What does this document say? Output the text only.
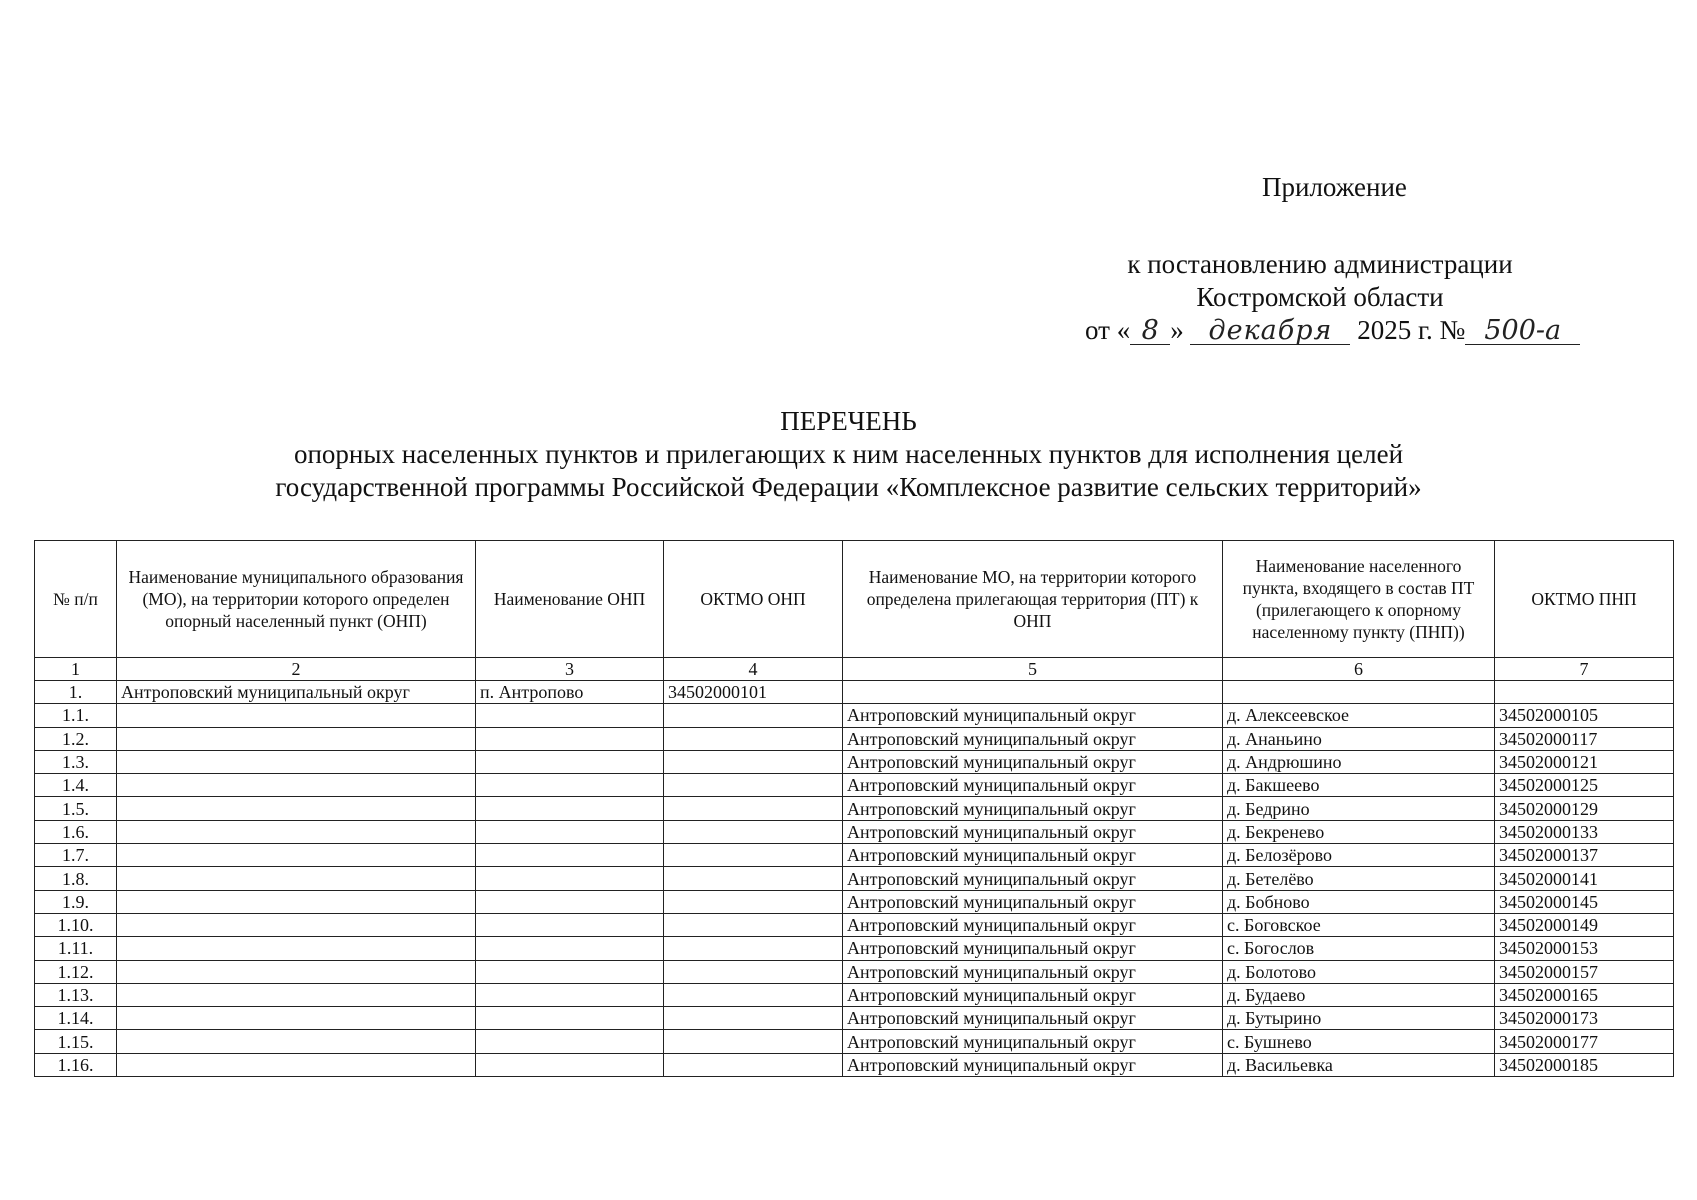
Приложение
к постановлению администрации
Костромской области
от « 8 » декабря 2025 г. № 500-а
ПЕРЕЧЕНЬ
опорных населенных пунктов и прилегающих к ним населенных пунктов для исполнения целей
государственной программы Российской Федерации «Комплексное развитие сельских территорий»
№ п/п	Наименование муниципального образования (МО), на территории которого определен опорный населенный пункт (ОНП)	Наименование ОНП	ОКТМО ОНП	Наименование МО, на территории которого определена прилегающая территория (ПТ) к ОНП	Наименование населенного пункта, входящего в состав ПТ (прилегающего к опорному населенному пункту (ПНП))	ОКТМО ПНП
1	2	3	4	5	6	7
1.	Антроповский муниципальный округ	п. Антропово	34502000101			
1.1.				Антроповский муниципальный округ	д. Алексеевское	34502000105
1.2.				Антроповский муниципальный округ	д. Ананьино	34502000117
1.3.				Антроповский муниципальный округ	д. Андрюшино	34502000121
1.4.				Антроповский муниципальный округ	д. Бакшеево	34502000125
1.5.				Антроповский муниципальный округ	д. Бедрино	34502000129
1.6.				Антроповский муниципальный округ	д. Бекренево	34502000133
1.7.				Антроповский муниципальный округ	д. Белозёрово	34502000137
1.8.				Антроповский муниципальный округ	д. Бетелёво	34502000141
1.9.				Антроповский муниципальный округ	д. Бобново	34502000145
1.10.				Антроповский муниципальный округ	с. Боговское	34502000149
1.11.				Антроповский муниципальный округ	с. Богослов	34502000153
1.12.				Антроповский муниципальный округ	д. Болотово	34502000157
1.13.				Антроповский муниципальный округ	д. Будаево	34502000165
1.14.				Антроповский муниципальный округ	д. Бутырино	34502000173
1.15.				Антроповский муниципальный округ	с. Бушнево	34502000177
1.16.				Антроповский муниципальный округ	д. Васильевка	34502000185
